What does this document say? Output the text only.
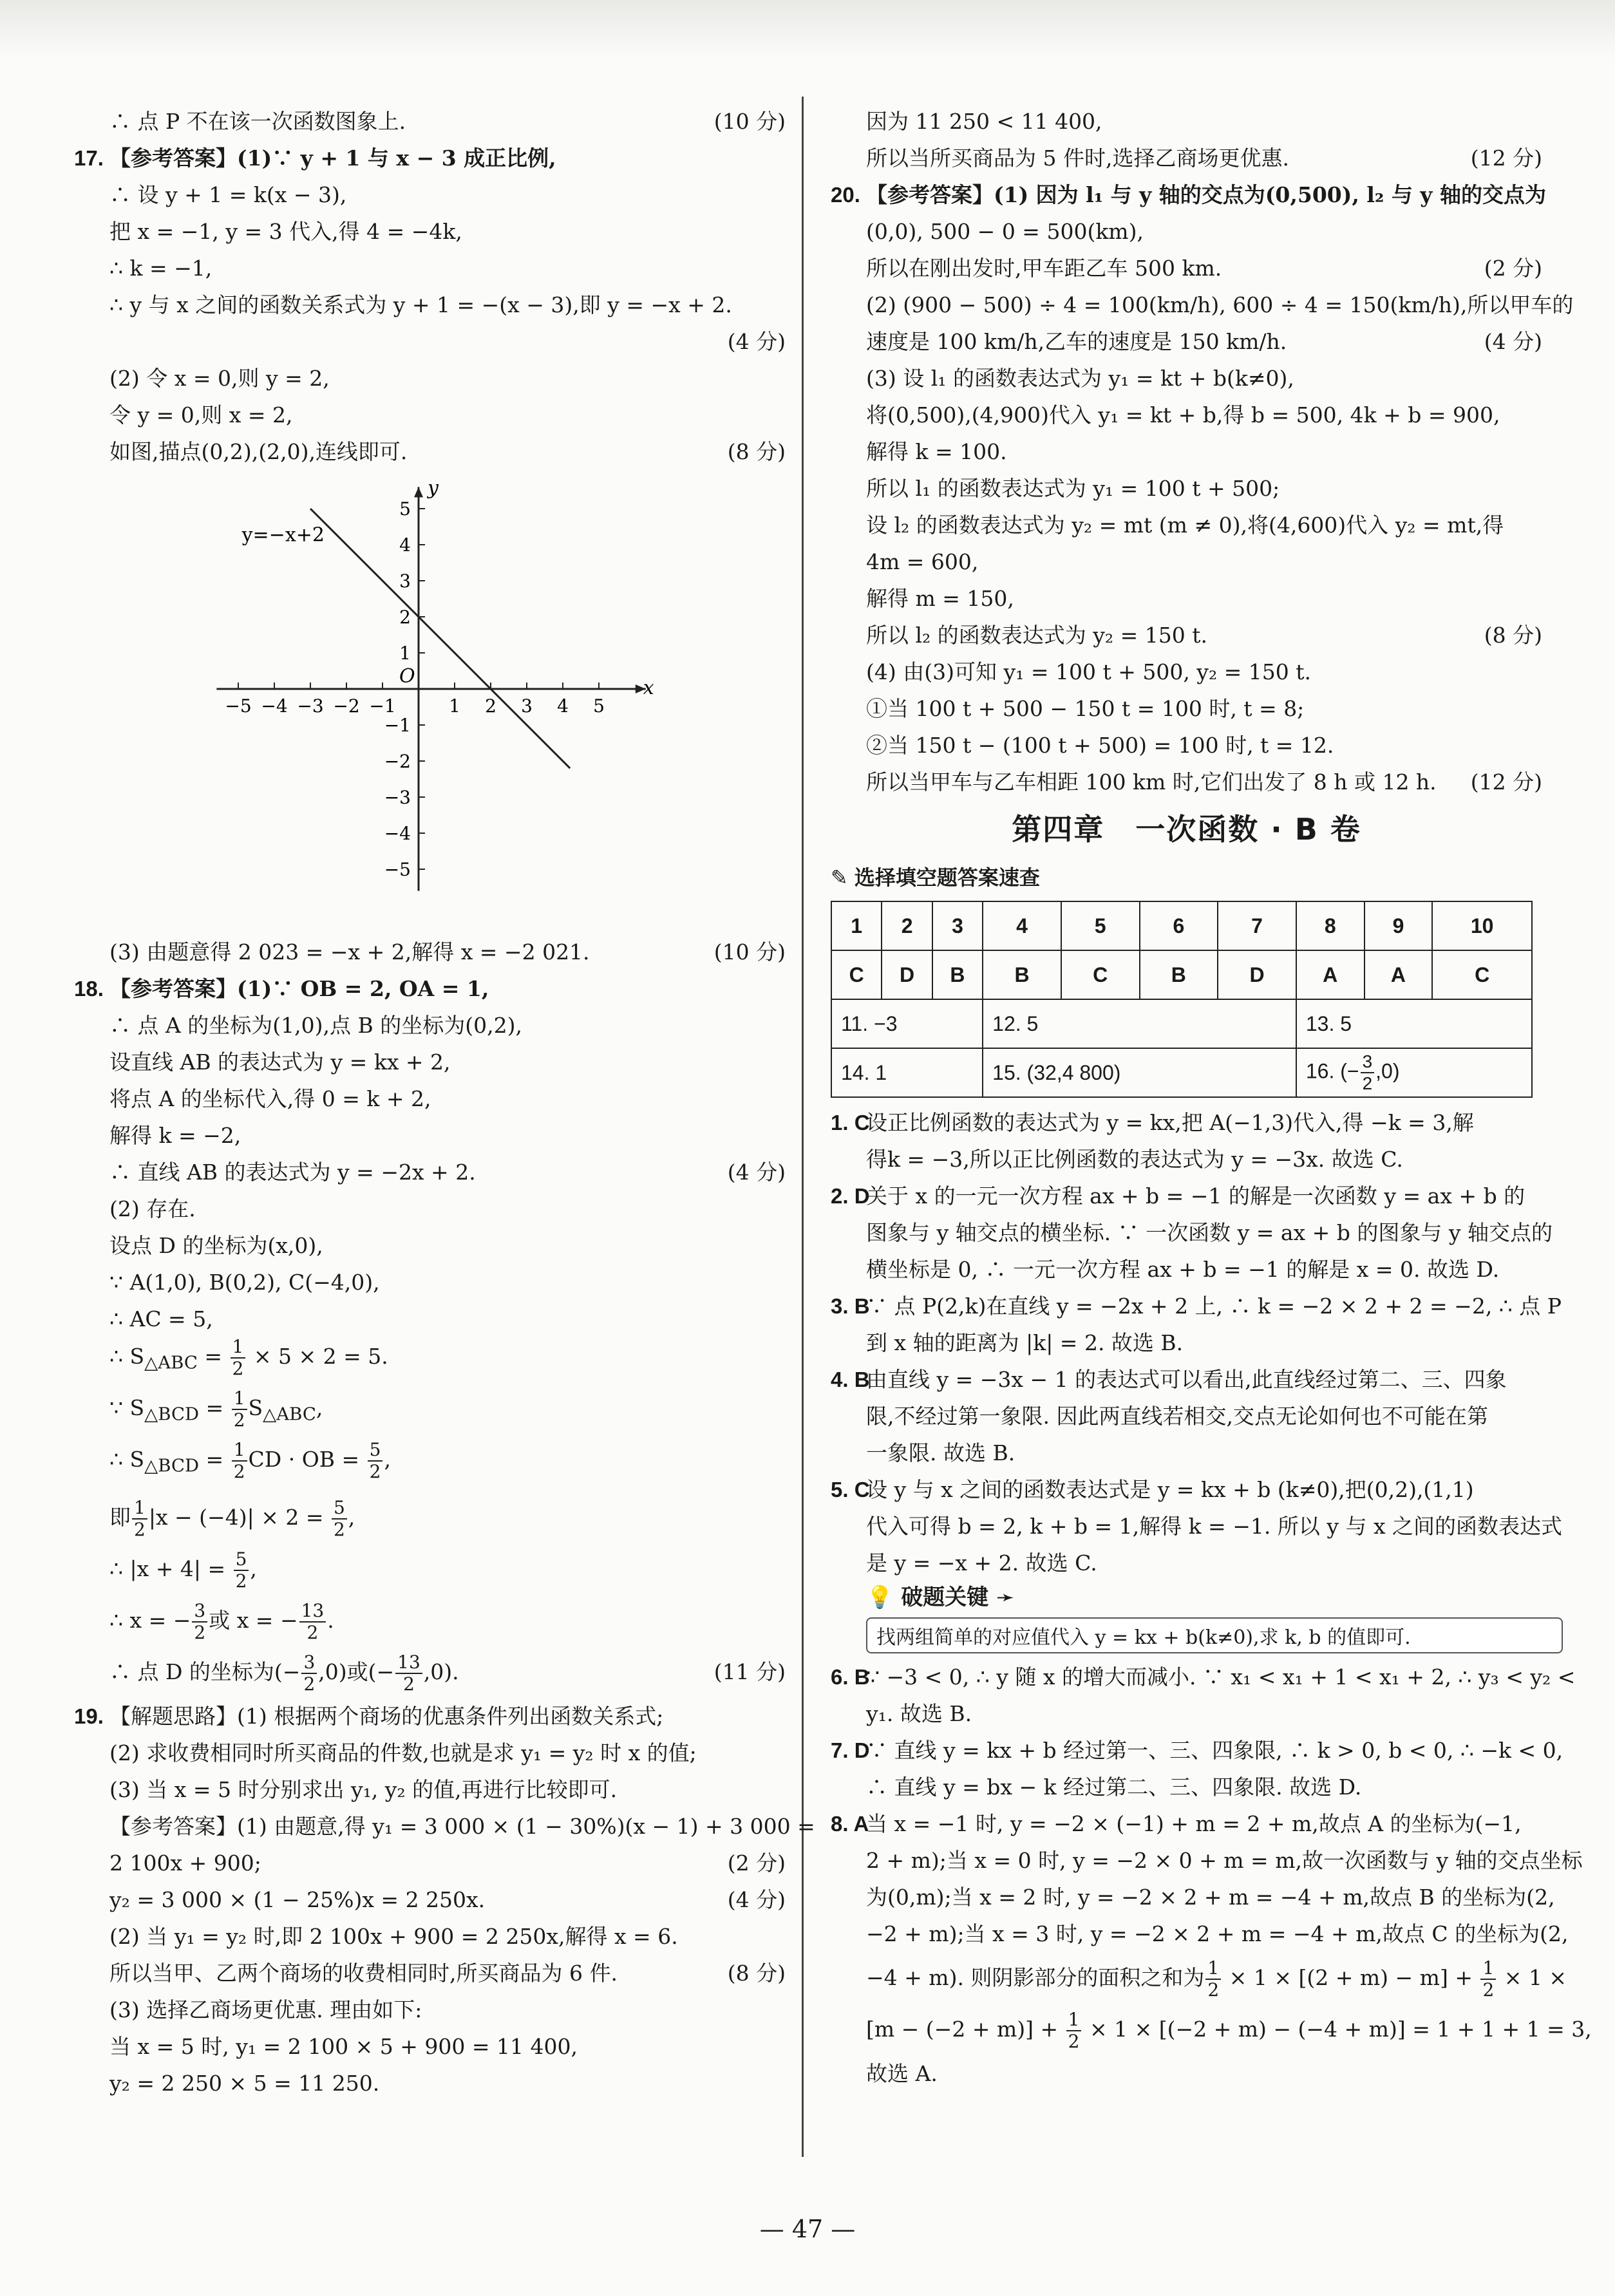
∴ 点 P 不在该一次函数图象上.	(10 分)
17. 【参考答案】(1)∵ y + 1 与 x − 3 成正比例,
∴ 设 y + 1 = k(x − 3),
把 x = −1, y = 3 代入,得 4 = −4k,
∴ k = −1,
∴ y 与 x 之间的函数关系式为 y + 1 = −(x − 3),即 y = −x + 2.
(4 分)
(2) 令 x = 0,则 y = 2,
令 y = 0,则 x = 2,
如图,描点(0,2),(2,0),连线即可.	(8 分)
−5 −4 −3 −2 −1	1 2 3 4 5
5
4
3
2
1
−1
−2
−3
−4
−5
O
x
y
y=−x+2
(3) 由题意得 2 023 = −x + 2,解得 x = −2 021.	(10 分)
18. 【参考答案】(1)∵ OB = 2, OA = 1,
∴ 点 A 的坐标为(1,0),点 B 的坐标为(0,2),
设直线 AB 的表达式为 y = kx + 2,
将点 A 的坐标代入,得 0 = k + 2,
解得 k = −2,
∴ 直线 AB 的表达式为 y = −2x + 2.	(4 分)
(2) 存在.
设点 D 的坐标为(x,0),
∵ A(1,0), B(0,2), C(−4,0),
∴ AC = 5,
∴ $S_{\triangle ABC} = \frac{1}{2} \times 5 \times 2 = 5$.
∵ $S_{\triangle BCD} = \frac{1}{2} S_{\triangle ABC}$,
∴ $S_{\triangle BCD} = \frac{1}{2}$ CD · OB = $\frac{5}{2}$ ,
即 $\frac{1}{2} |x - (-4)| \times 2 = \frac{5}{2}$ ,
∴ $|x + 4| = \frac{5}{2}$ ,
∴ x = − $\frac{3}{2}$ 或 x = − $\frac{13}{2}$ .
∴ 点 D 的坐标为(− $\frac{3}{2} ,0$)或(− $\frac{13}{2} ,0$).	(11 分)
19. 【解题思路】(1) 根据两个商场的优惠条件列出函数关系式;
(2) 求收费相同时所买商品的件数,也就是求 y₁ = y₂ 时 x 的值;
(3) 当 x = 5 时分别求出 y₁, y₂ 的值,再进行比较即可.
【参考答案】(1) 由题意,得 y₁ = 3 000 × (1 − 30%)(x − 1) + 3 000 =
2 100x + 900;	(2 分)
y₂ = 3 000 × (1 − 25%)x = 2 250x.	(4 分)
(2) 当 y₁ = y₂ 时,即 2 100x + 900 = 2 250x,解得 x = 6.
所以当甲、乙两个商场的收费相同时,所买商品为 6 件.	(8 分)
(3) 选择乙商场更优惠. 理由如下:
当 x = 5 时, y₁ = 2 100 × 5 + 900 = 11 400,
y₂ = 2 250 × 5 = 11 250.
因为 11 250 < 11 400,
所以当所买商品为 5 件时,选择乙商场更优惠.	(12 分)
20. 【参考答案】(1) 因为 l₁ 与 y 轴的交点为(0,500), l₂ 与 y 轴的交点为
(0,0), 500 − 0 = 500(km),
所以在刚出发时,甲车距乙车 500 km.	(2 分)
(2) (900 − 500) ÷ 4 = 100(km/h), 600 ÷ 4 = 150(km/h),所以甲车的
速度是 100 km/h,乙车的速度是 150 km/h.	(4 分)
(3) 设 l₁ 的函数表达式为 y₁ = kt + b(k≠0),
将(0,500),(4,900)代入 y₁ = kt + b,得 b = 500, 4k + b = 900,
解得 k = 100.
所以 l₁ 的函数表达式为 y₁ = 100 t + 500;
设 l₂ 的函数表达式为 y₂ = mt (m ≠ 0),将(4,600)代入 y₂ = mt,得
4m = 600,
解得 m = 150,
所以 l₂ 的函数表达式为 y₂ = 150 t.	(8 分)
(4) 由(3)可知 y₁ = 100 t + 500, y₂ = 150 t.
①当 100 t + 500 − 150 t = 100 时, t = 8;
②当 150 t − (100 t + 500) = 100 时, t = 12.
所以当甲车与乙车相距 100 km 时,它们出发了 8 h 或 12 h.	(12 分)
第四章　一次函数 · B 卷
✎ 选择填空题答案速查
1	2	3	4	5	6	7	8	9	10
C	D	B	B	C	B	D	A	A	C
11. −3			12. 5				13. 5		
14. 1			15. (32,4 800)				16. (− $\frac{3}{2} ,0$)		
1. C设正比例函数的表达式为 y = kx,把 A(−1,3)代入,得 −k = 3,解
得k = −3,所以正比例函数的表达式为 y = −3x. 故选 C.
2. D关于 x 的一元一次方程 ax + b = −1 的解是一次函数 y = ax + b 的
图象与 y 轴交点的横坐标. ∵ 一次函数 y = ax + b 的图象与 y 轴交点的
横坐标是 0, ∴ 一元一次方程 ax + b = −1 的解是 x = 0. 故选 D.
3. B∵ 点 P(2,k)在直线 y = −2x + 2 上, ∴ k = −2 × 2 + 2 = −2, ∴ 点 P
到 x 轴的距离为 |k| = 2. 故选 B.
4. B由直线 y = −3x − 1 的表达式可以看出,此直线经过第二、三、四象
限,不经过第一象限. 因此两直线若相交,交点无论如何也不可能在第
一象限. 故选 B.
5. C设 y 与 x 之间的函数表达式是 y = kx + b (k≠0),把(0,2),(1,1)
代入可得 b = 2, k + b = 1,解得 k = −1. 所以 y 与 x 之间的函数表达式
是 y = −x + 2. 故选 C.
💡 破题关键 ➛
找两组简单的对应值代入 y = kx + b(k≠0),求 k, b 的值即可.
6. B∵ −3 < 0, ∴ y 随 x 的增大而减小. ∵ x₁ < x₁ + 1 < x₁ + 2, ∴ y₃ < y₂ <
y₁. 故选 B.
7. D∵ 直线 y = kx + b 经过第一、三、四象限, ∴ k > 0, b < 0, ∴ −k < 0,
∴ 直线 y = bx − k 经过第二、三、四象限. 故选 D.
8. A当 x = −1 时, y = −2 × (−1) + m = 2 + m,故点 A 的坐标为(−1,
2 + m);当 x = 0 时, y = −2 × 0 + m = m,故一次函数与 y 轴的交点坐标
为(0,m);当 x = 2 时, y = −2 × 2 + m = −4 + m,故点 B 的坐标为(2,
−2 + m);当 x = 3 时, y = −2 × 2 + m = −4 + m,故点 C 的坐标为(2,
−4 + m). 则阴影部分的面积之和为 $\frac{1}{2} \times 1 \times [(2 + m) - m] + \frac{1}{2} \times 1$ ×
$[m - (-2 + m)] + \frac{1}{2} \times 1 \times [(-2 + m) - (-4 + m)] = 1 + 1 + 1 = 3$,
故选 A.
— 47 —
